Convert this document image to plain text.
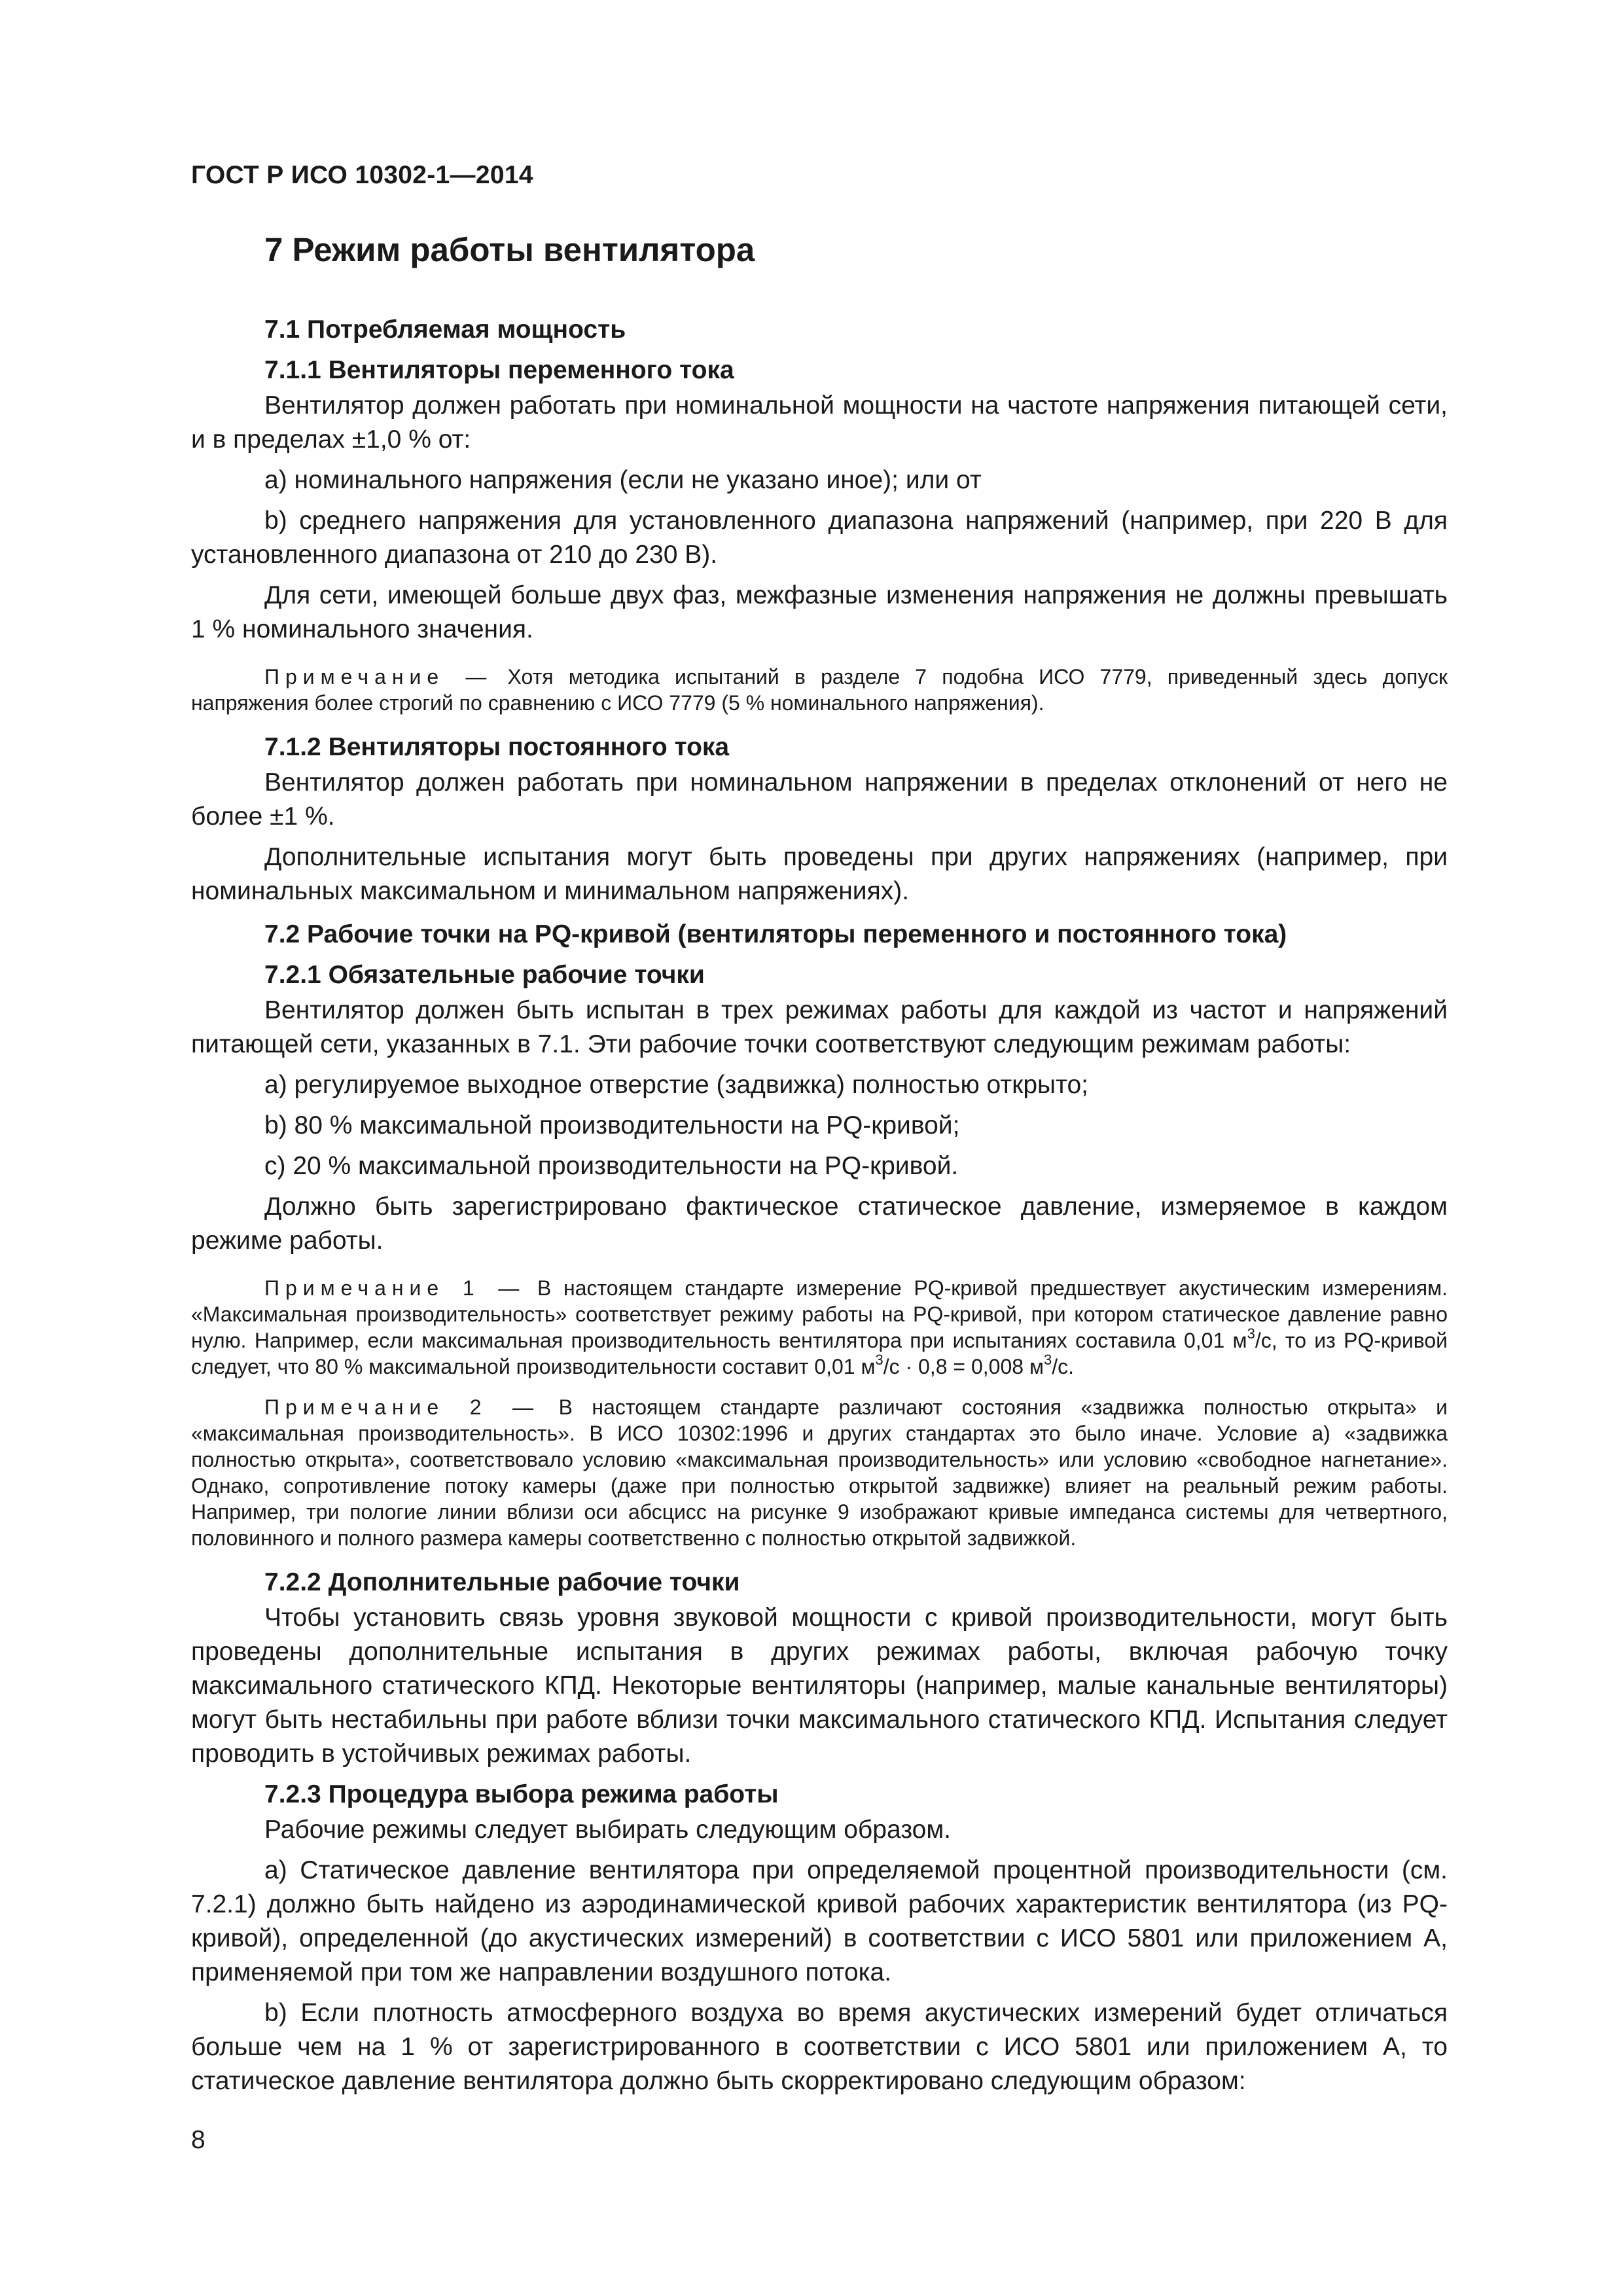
ГОСТ Р ИСО 10302-1—2014
7 Режим работы вентилятора
7.1 Потребляемая мощность
7.1.1 Вентиляторы переменного тока

Вентилятор должен работать при номинальной мощности на частоте напряжения питающей сети, и в пределах ±1,0 % от:

a) номинального напряжения (если не указано иное); или от

b) среднего напряжения для установленного диапазона напряжений (например, при 220 В для установленного диапазона от 210 до 230 В).

Для сети, имеющей больше двух фаз, межфазные изменения напряжения не должны превышать 1 % номинального значения.

Примечание — Хотя методика испытаний в разделе 7 подобна ИСО 7779, приведенный здесь допуск напряжения более строгий по сравнению с ИСО 7779 (5 % номинального напряжения).

7.1.2 Вентиляторы постоянного тока

Вентилятор должен работать при номинальном напряжении в пределах отклонений от него не более ±1 %.

Дополнительные испытания могут быть проведены при других напряжениях (например, при номинальных максимальном и минимальном напряжениях).

7.2 Рабочие точки на PQ-кривой (вентиляторы переменного и постоянного тока)
7.2.1 Обязательные рабочие точки

Вентилятор должен быть испытан в трех режимах работы для каждой из частот и напряжений питающей сети, указанных в 7.1. Эти рабочие точки соответствуют следующим режимам работы:

a) регулируемое выходное отверстие (задвижка) полностью открыто;

b) 80 % максимальной производительности на PQ-кривой;

c) 20 % максимальной производительности на PQ-кривой.

Должно быть зарегистрировано фактическое статическое давление, измеряемое в каждом режиме работы.

Примечание 1 — В настоящем стандарте измерение PQ-кривой предшествует акустическим измерениям. «Максимальная производительность» соответствует режиму работы на PQ-кривой, при котором статическое давление равно нулю. Например, если максимальная производительность вентилятора при испытаниях составила 0,01 $м^3/с$, то из PQ-кривой следует, что 80 % максимальной производительности составит 0,01 $м^3/с \cdot 0,8 = 0,008$ $м^3/с$.

Примечание 2 — В настоящем стандарте различают состояния «задвижка полностью открыта» и «максимальная производительность». В ИСО 10302:1996 и других стандартах это было иначе. Условие a) «задвижка полностью открыта», соответствовало условию «максимальная производительность» или условию «свободное нагнетание». Однако, сопротивление потоку камеры (даже при полностью открытой задвижке) влияет на реальный режим работы. Например, три пологие линии вблизи оси абсцисс на рисунке 9 изображают кривые импеданса системы для четвертного, половинного и полного размера камеры соответственно с полностью открытой задвижкой.

7.2.2 Дополнительные рабочие точки

Чтобы установить связь уровня звуковой мощности с кривой производительности, могут быть проведены дополнительные испытания в других режимах работы, включая рабочую точку максимального статического КПД. Некоторые вентиляторы (например, малые канальные вентиляторы) могут быть нестабильны при работе вблизи точки максимального статического КПД. Испытания следует проводить в устойчивых режимах работы.

7.2.3 Процедура выбора режима работы

Рабочие режимы следует выбирать следующим образом.

a) Статическое давление вентилятора при определяемой процентной производительности (см. 7.2.1) должно быть найдено из аэродинамической кривой рабочих характеристик вентилятора (из PQ-кривой), определенной (до акустических измерений) в соответствии с ИСО 5801 или приложением А, применяемой при том же направлении воздушного потока.

b) Если плотность атмосферного воздуха во время акустических измерений будет отличаться больше чем на 1 % от зарегистрированного в соответствии с ИСО 5801 или приложением А, то статическое давление вентилятора должно быть скорректировано следующим образом:

8
